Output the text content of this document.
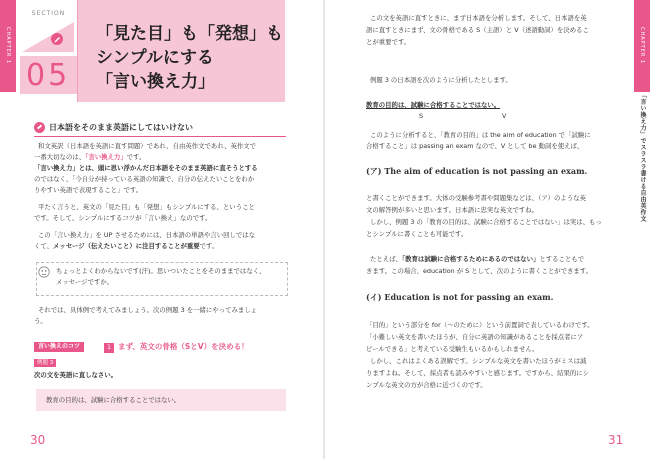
CHAPTER 1
SECTION
05
「見た目」も「発想」も
シンプルにする
「言い換え力」
日本語をそのまま英語にしてはいけない

和文英訳（日本語を英語に直す問題）であれ、自由英作文であれ、英作文で

一番大切なのは、「言い換え力」です。

「言い換え力」とは、頭に思い浮かんだ日本語をそのまま英語に直そうとする

のではなく、「今自分が持っている英語の知識で、自分の伝えたいことをわか

りやすい英語で表現すること」です。

平たく言うと、英文の「見た目」も「発想」もシンプルにする、ということ

です。そして、シンプルにするコツが「言い換え」なのです。

この「言い換え力」を UP させるためには、日本語の単語や言い回しではな

くて、メッセージ（伝えたいこと）に注目することが重要です。

ちょっとよくわからないです(汗)。思いついたことをそのままではなく、

メッセージですか。

それでは、具体例で考えてみましょう。次の例題 3 を一緒にやってみましょ

う。

言い換えのコツ	1 まず、英文の骨格（SとV）を決める！
例題 3

次の文を英語に直しなさい。

教育の目的は、試験に合格することではない。

30
CHAPTER 1
「言い換え力」でスラスラ書ける自由英作文

この文を英語に直すときに、まず日本語を分析します。そして、日本語を英

語に直すときにまず、文の骨格である S（主語）と V（述語動詞）を決めるこ

とが重要です。

例題 3 の日本語を次のように分析したとします。

教育の目的は、試験に合格することではない。

S	V

このように分析すると、「教育の目的」は the aim of education で「試験に

合格すること」は passing an exam なので、V として be 動詞を使えば、

(ア) The aim of education is not passing an exam.

と書くことができます。大体の受験参考書や問題集などは、（ア）のような英

文の解答例が多いと思います。日本語に忠実な英文ですね。

しかし、例題 3 の「教育の目的は、試験に合格することではない」は実は、もっ

とシンプルに書くことも可能です。

たとえば、「教育は試験に合格するためにあるのではない」とすることもで

きます。この場合、education が S として、次のように書くことができます。

(イ) Education is not for passing an exam.

「目的」という部分を for（～のために）という前置詞で表しているわけです。

「小難しい英文を書いたほうが、自分に英語の知識があることを採点者にア

ピールできる」と考えている受験生もいるかもしれません。

しかし、これはよくある誤解です。シンプルな英文を書いたほうがミスは減

りますよね。そして、採点者も読みやすいと感じます。ですから、結果的にシ

ンプルな英文の方が合格に近づくのです。

31
